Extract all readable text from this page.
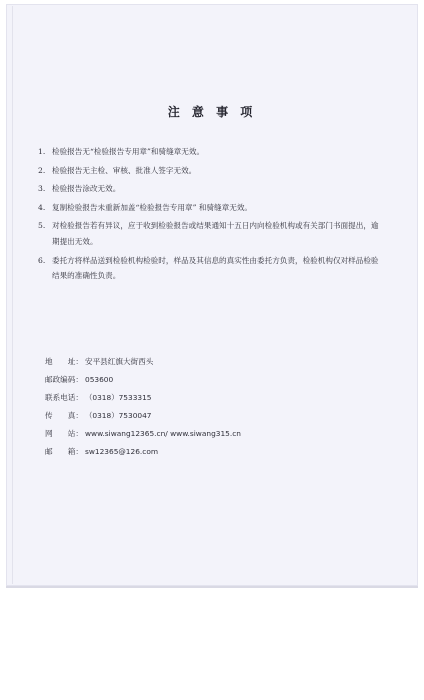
注 意 事 项
1. 检验报告无“检验报告专用章”和骑缝章无效。
2. 检验报告无主检、审核、批准人签字无效。
3. 检验报告涂改无效。
4. 复制检验报告未重新加盖“检验报告专用章” 和骑缝章无效。
5. 对检验报告若有异议，应于收到检验报告或结果通知十五日内向检验机构或有关部门书面提出，逾期提出无效。
6. 委托方将样品送到检验机构检验时，样品及其信息的真实性由委托方负责，检验机构仅对样品检验结果的准确性负责。
地　　址： 安平县红旗大街西头
邮政编码： 053600
联系电话： （0318）7533315
传　　真： （0318）7530047
网　　站： www.siwang12365.cn/ www.siwang315.cn
邮　　箱： sw12365@126.com
